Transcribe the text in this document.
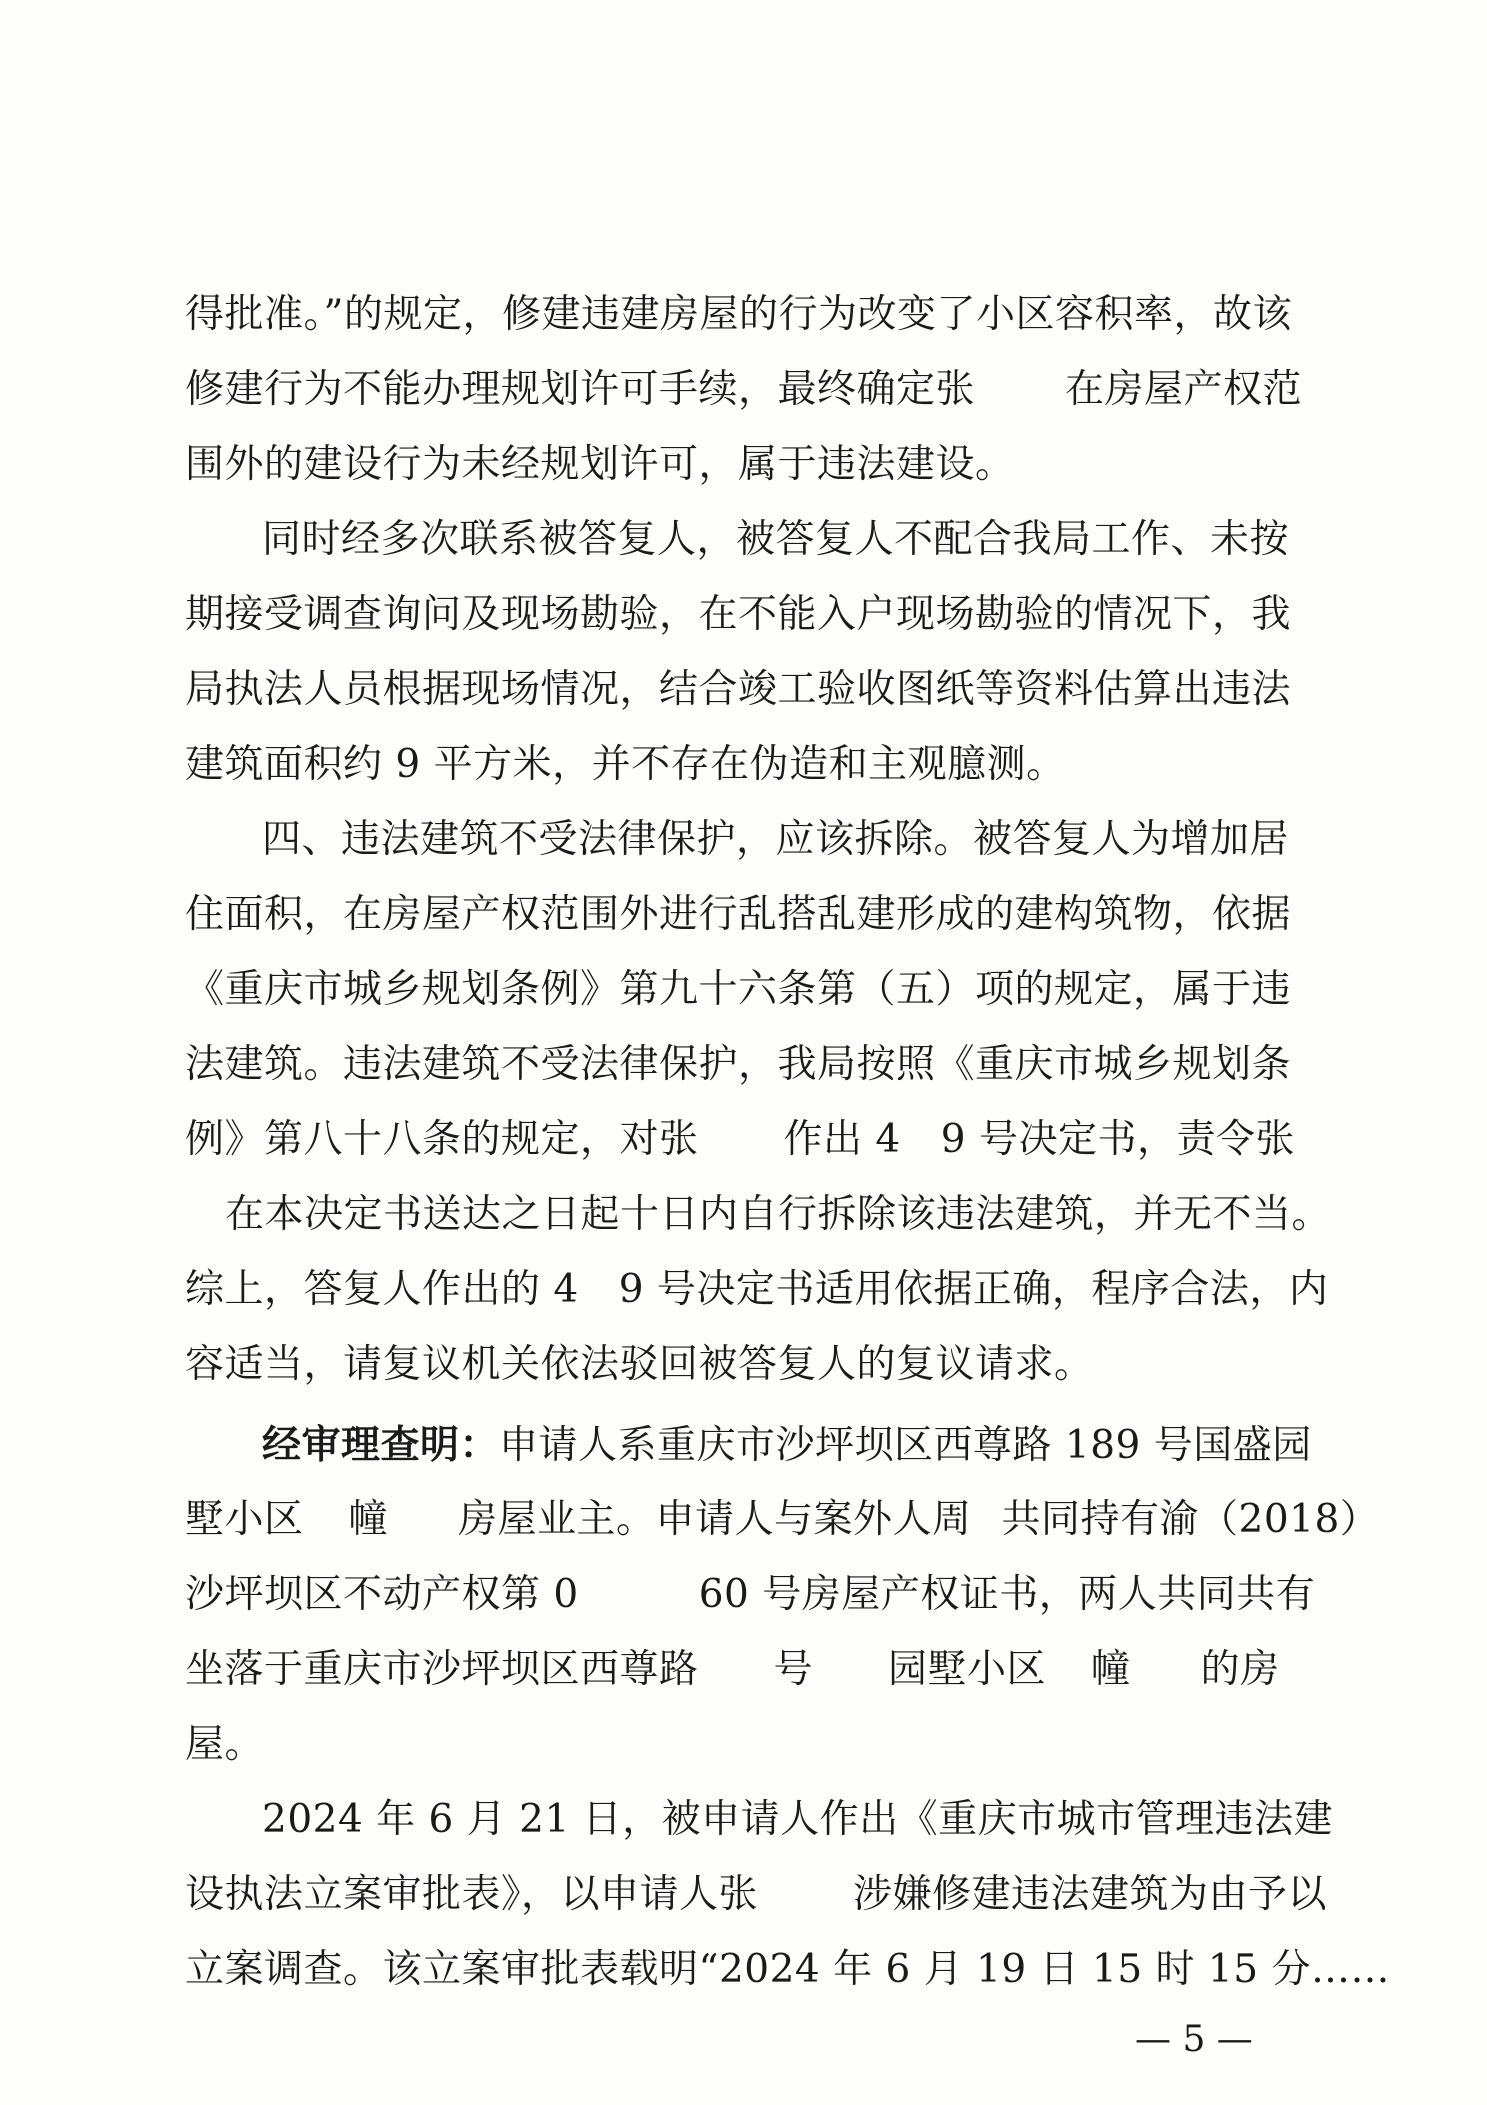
得批准。”的规定，修建违建房屋的行为改变了小区容积率，故该
修建行为不能办理规划许可手续，最终确定张 在房屋产权范
围外的建设行为未经规划许可，属于违法建设。
同时经多次联系被答复人，被答复人不配合我局工作、未按
期接受调查询问及现场勘验，在不能入户现场勘验的情况下，我
局执法人员根据现场情况，结合竣工验收图纸等资料估算出违法
建筑面积约 9 平方米，并不存在伪造和主观臆测。
四、违法建筑不受法律保护，应该拆除。被答复人为增加居
住面积，在房屋产权范围外进行乱搭乱建形成的建构筑物，依据
《重庆市城乡规划条例》第九十六条第（五）项的规定，属于违
法建筑。违法建筑不受法律保护，我局按照《重庆市城乡规划条
例》第八十八条的规定，对张 作出 4 9 号决定书，责令张
在本决定书送达之日起十日内自行拆除该违法建筑，并无不当。
综上，答复人作出的 4 9 号决定书适用依据正确，程序合法，内
容适当，请复议机关依法驳回被答复人的复议请求。
经审理查明：申请人系重庆市沙坪坝区西尊路 189 号国盛园
墅小区 幢 房屋业主。申请人与案外人周 共同持有渝（2018）
沙坪坝区不动产权第 0	60 号房屋产权证书，两人共同共有
坐落于重庆市沙坪坝区西尊路 号 园墅小区 幢 的房
屋。
2024 年 6 月 21 日，被申请人作出《重庆市城市管理违法建
设执法立案审批表》，以申请人张 涉嫌修建违法建筑为由予以
立案调查。该立案审批表载明“2024 年 6 月 19 日 15 时 15 分……
— 5 —
